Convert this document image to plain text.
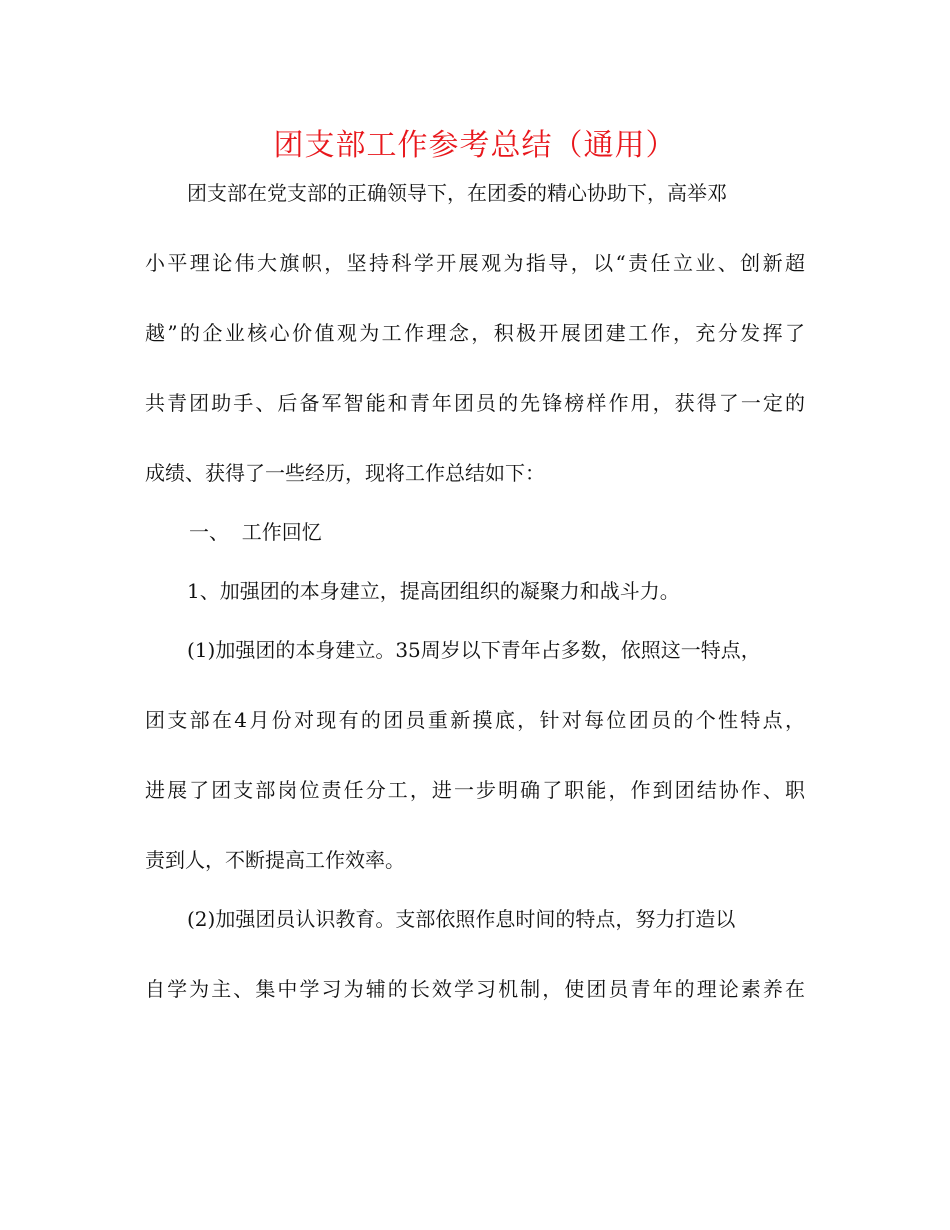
团支部工作参考总结（通用）
团支部在党支部的正确领导下，在团委的精心协助下，高举邓
小平理论伟大旗帜，坚持科学开展观为指导，以“责任立业、创新超
越”的企业核心价值观为工作理念，积极开展团建工作，充分发挥了
共青团助手、后备军智能和青年团员的先锋榜样作用，获得了一定的
成绩、获得了一些经历，现将工作总结如下：
一、  工作回忆
1、加强团的本身建立，提高团组织的凝聚力和战斗力。
(1)加强团的本身建立。35周岁以下青年占多数，依照这一特点，
团支部在4月份对现有的团员重新摸底，针对每位团员的个性特点，
进展了团支部岗位责任分工，进一步明确了职能，作到团结协作、职
责到人，不断提高工作效率。
(2)加强团员认识教育。支部依照作息时间的特点，努力打造以
自学为主、集中学习为辅的长效学习机制，使团员青年的理论素养在
